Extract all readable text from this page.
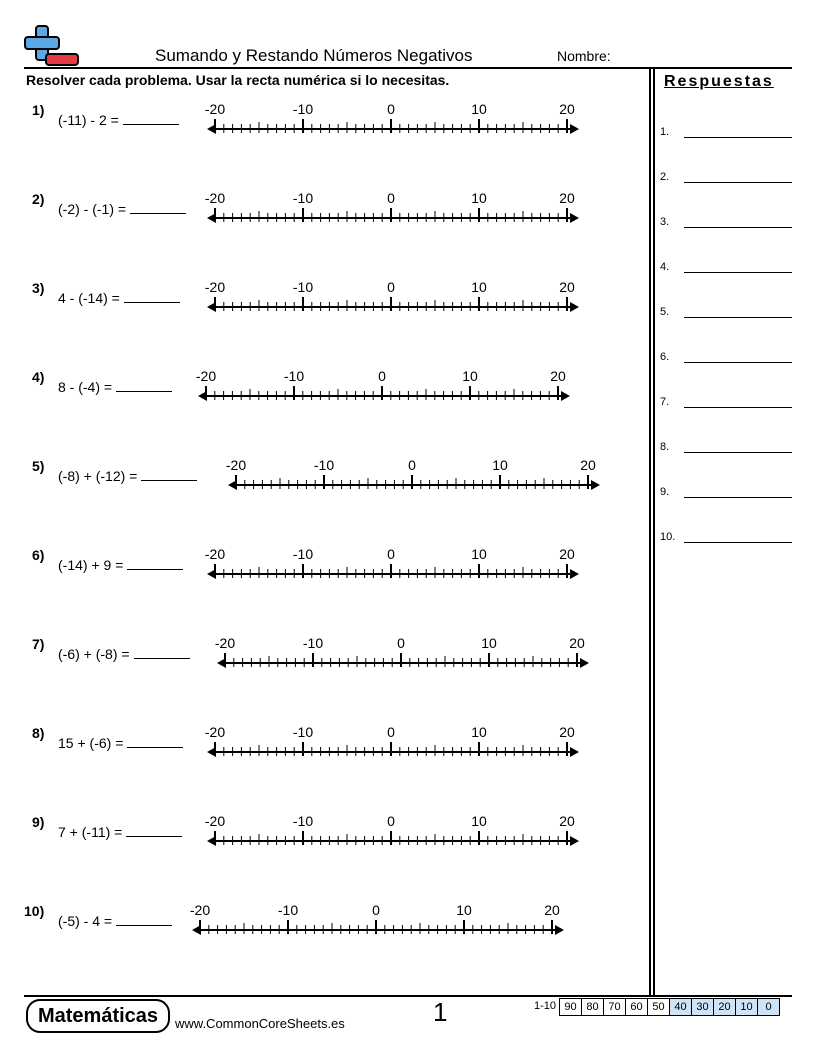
Sumando y Restando Números Negativos	Nombre:
Resolver cada problema. Usar la recta numérica si lo necesitas.	Respuestas
1.
2.
3.
4.
5.
6.
7.
8.
9.
10.
1)
(-11) - 2 =
-20	-10	0	10	20
2)
(-2) - (-1) =
-20	-10	0	10	20
3)
4 - (-14) =
-20	-10	0	10	20
4)
8 - (-4) =
-20	-10	0	10	20
5)
(-8) + (-12) =
-20	-10	0	10	20
6)
(-14) + 9 =
-20	-10	0	10	20
7)
(-6) + (-8) =
-20	-10	0	10	20
8)
15 + (-6) =
-20	-10	0	10	20
9)
7 + (-11) =
-20	-10	0	10	20
10)
(-5) - 4 =
-20	-10	0	10	20
Matemáticas	www.CommonCoreSheets.es	1	1-10 90 80 70 60 50 40 30 20 10	0
